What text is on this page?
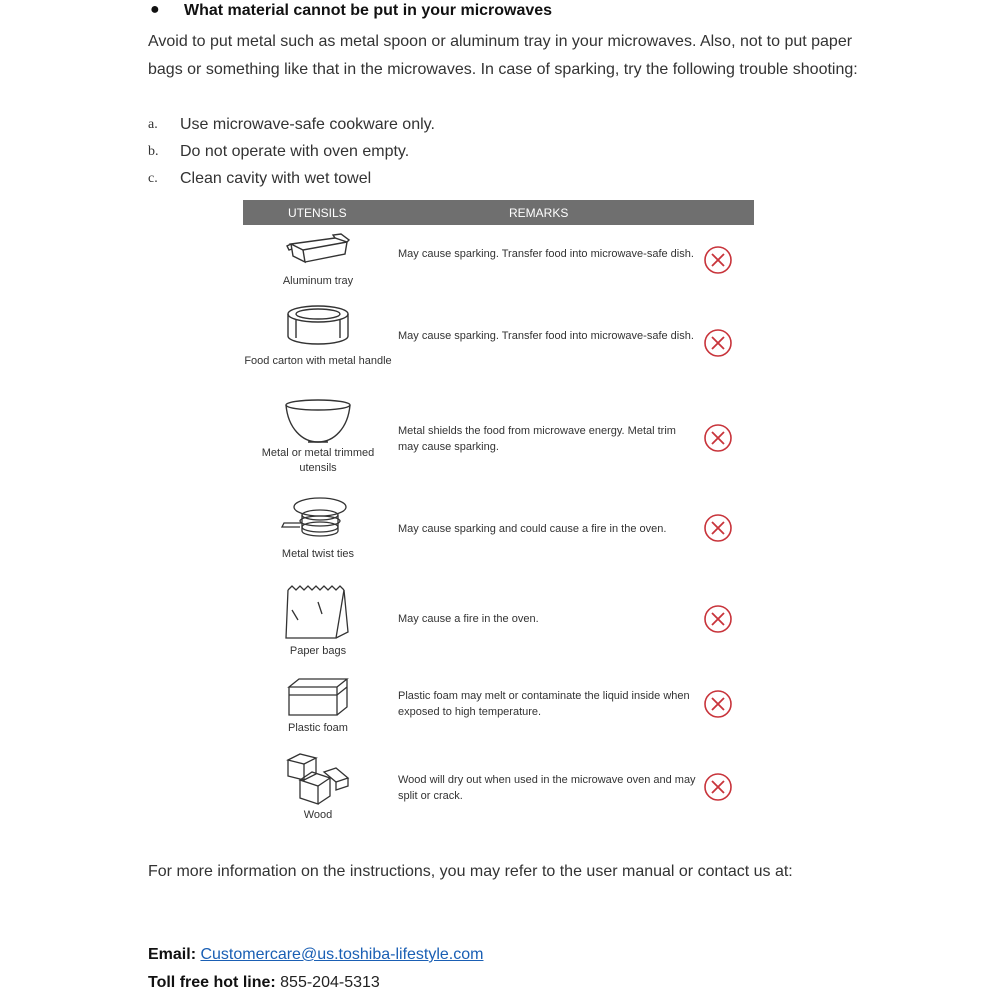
● What material cannot be put in your microwaves
Avoid to put metal such as metal spoon or aluminum tray in your microwaves. Also, not to put paper bags or something like that in the microwaves. In case of sparking, try the following trouble shooting:
a. Use microwave-safe cookware only.
b. Do not operate with oven empty.
c. Clean cavity with wet towel
UTENSILS	REMARKS
Aluminum tray
May cause sparking. Transfer food into microwave-safe dish.
Food carton with metal handle
May cause sparking. Transfer food into microwave-safe dish.
Metal or metal trimmed utensils
Metal shields the food from microwave energy. Metal trim may cause sparking.
Metal twist ties
May cause sparking and could cause a fire in the oven.
Paper bags
May cause a fire in the oven.
Plastic foam
Plastic foam may melt or contaminate the liquid inside when exposed to high temperature.
Wood
Wood will dry out when used in the microwave oven and may split or crack.
For more information on the instructions, you may refer to the user manual or contact us at:
Email: Customercare@us.toshiba-lifestyle.com
Toll free hot line: 855-204-5313
